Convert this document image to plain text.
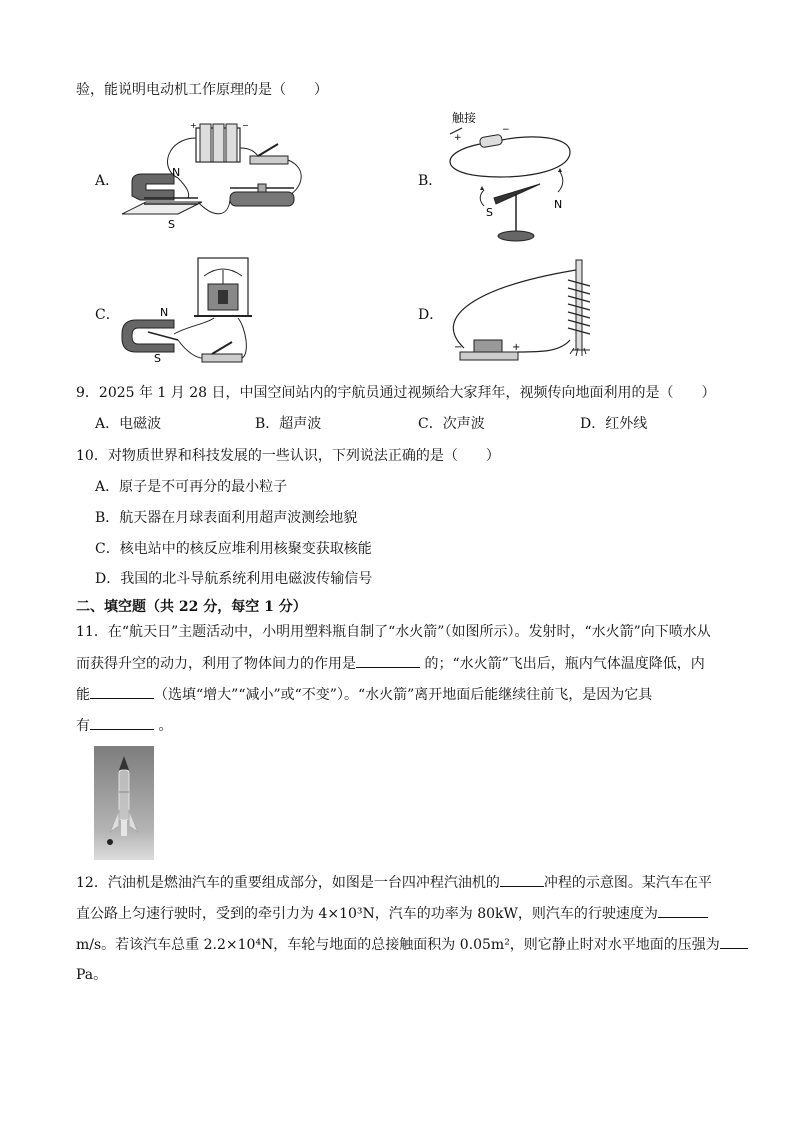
验，能说明电动机工作原理的是（　　）
A．
+	−
N
S
B．
触接
+
−
S
N
C．	N
S
D．
−	+
9．2025 年 1 月 28 日，中国空间站内的宇航员通过视频给大家拜年，视频传向地面利用的是（　　）
A．电磁波	B．超声波	C．次声波	D．红外线
10．对物质世界和科技发展的一些认识，下列说法正确的是（　　）
A．原子是不可再分的最小粒子
B．航天器在月球表面利用超声波测绘地貌
C．核电站中的核反应堆利用核聚变获取核能
D．我国的北斗导航系统利用电磁波传输信号
二、填空题（共 22 分，每空 1 分）
11．在“航天日”主题活动中，小明用塑料瓶自制了“水火箭”（如图所示）。发射时，“水火箭”向下喷水从
而获得升空的动力，利用了物体间力的作用是	的；“水火箭”飞出后，瓶内气体温度降低，内
能	（选填“增大”“减小”或“不变”）。“水火箭”离开地面后能继续往前飞，是因为它具
有	。
12．汽油机是燃油汽车的重要组成部分，如图是一台四冲程汽油机的	冲程的示意图。某汽车在平
直公路上匀速行驶时，受到的牵引力为 4×10³N，汽车的功率为 80kW，则汽车的行驶速度为
m/s。若该汽车总重 2.2×10⁴N，车轮与地面的总接触面积为 0.05m²，则它静止时对水平地面的压强为
Pa。
